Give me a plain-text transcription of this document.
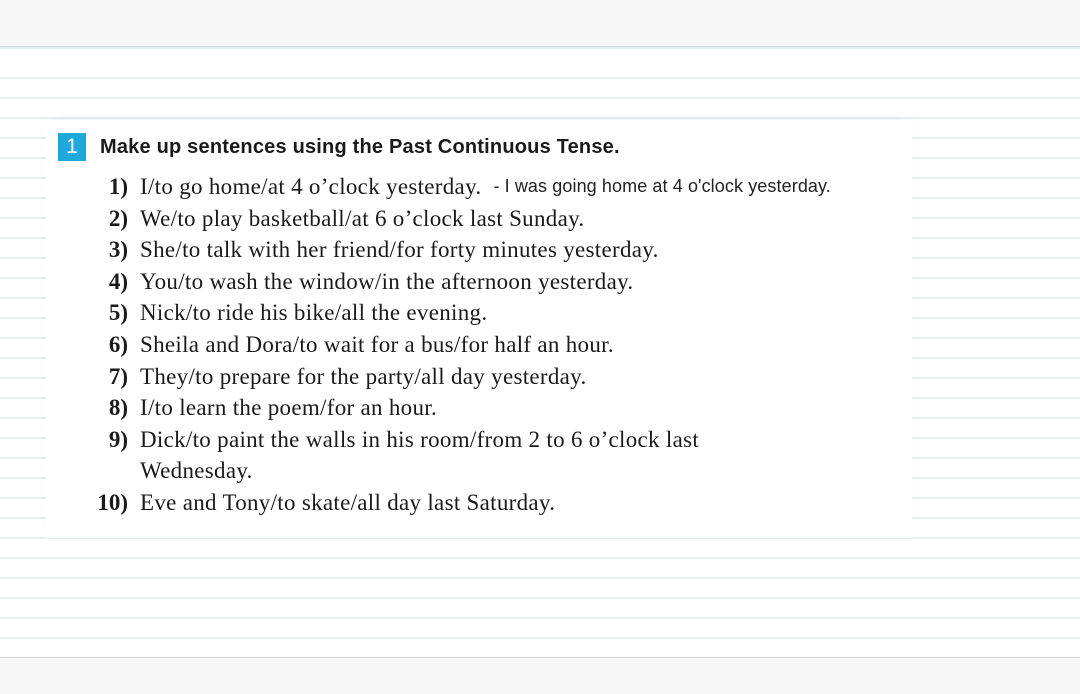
1	Make up sentences using the Past Continuous Tense.
1) I/to go home/at 4 o’clock yesterday. - I was going home at 4 o'clock yesterday.
2) We/to play basketball/at 6 o’clock last Sunday.
3) She/to talk with her friend/for forty minutes yesterday.
4) You/to wash the window/in the afternoon yesterday.
5) Nick/to ride his bike/all the evening.
6) Sheila and Dora/to wait for a bus/for half an hour.
7) They/to prepare for the party/all day yesterday.
8) I/to learn the poem/for an hour.
9) Dick/to paint the walls in his room/from 2 to 6 o’clock last
Wednesday.
10) Eve and Tony/to skate/all day last Saturday.
